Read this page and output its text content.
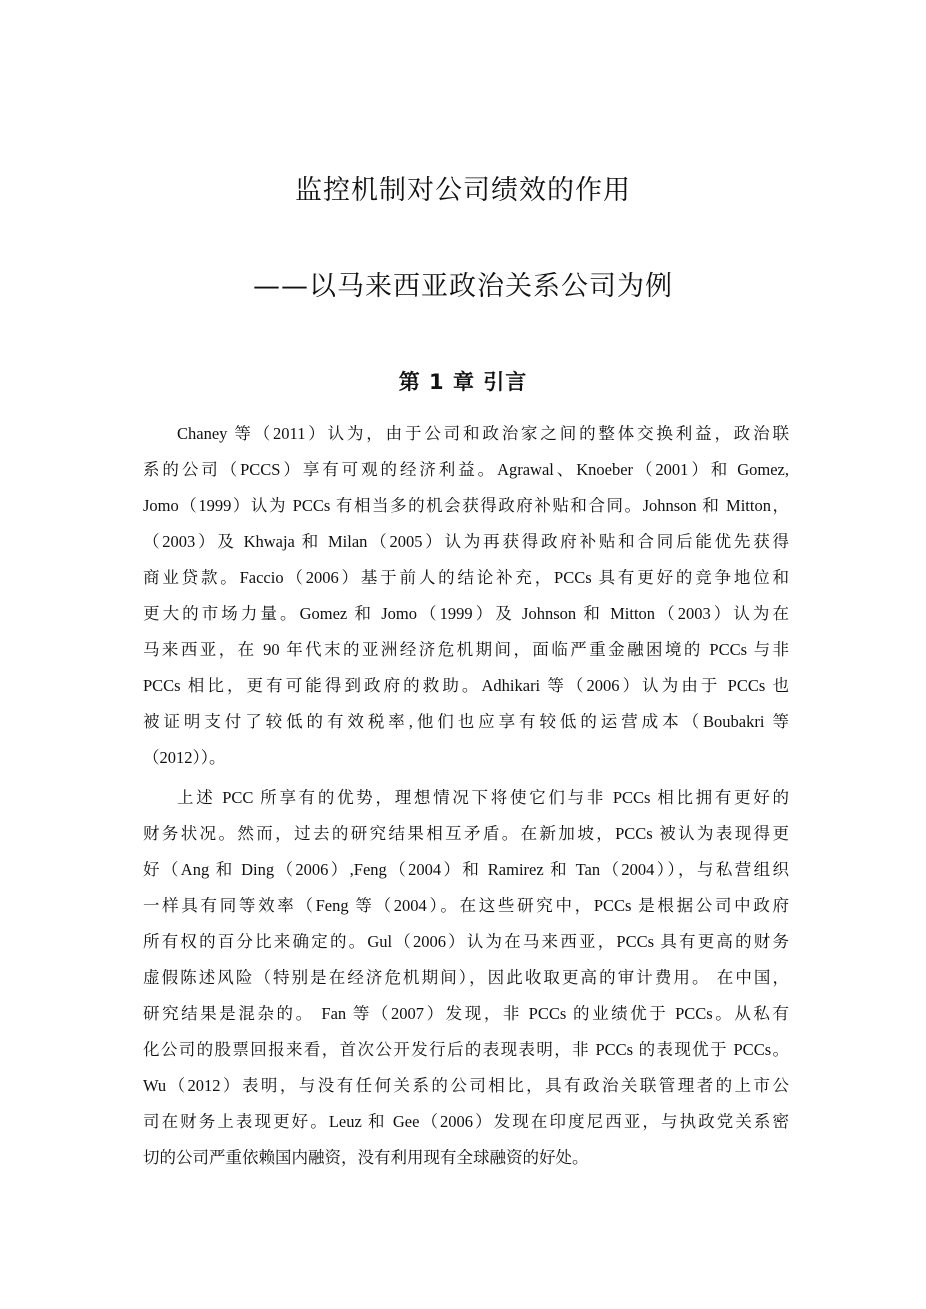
监控机制对公司绩效的作用
——以马来西亚政治关系公司为例
第 1 章 引言
Chaney 等（2011）认为，由于公司和政治家之间的整体交换利益，政治联
系的公司（PCCS）享有可观的经济利益。Agrawal、Knoeber（2001）和 Gomez,
Jomo（1999）认为 PCCs 有相当多的机会获得政府补贴和合同。Johnson 和 Mitton，
（2003）及 Khwaja 和 Milan（2005）认为再获得政府补贴和合同后能优先获得
商业贷款。Faccio（2006）基于前人的结论补充，PCCs 具有更好的竞争地位和
更大的市场力量。Gomez 和 Jomo（1999）及 Johnson 和 Mitton（2003）认为在
马来西亚，在 90 年代末的亚洲经济危机期间，面临严重金融困境的 PCCs 与非
PCCs 相比，更有可能得到政府的救助。Adhikari 等（2006）认为由于 PCCs 也
被证明支付了较低的有效税率,他们也应享有较低的运营成本（Boubakri 等
（2012））。
上述 PCC 所享有的优势，理想情况下将使它们与非 PCCs 相比拥有更好的
财务状况。然而，过去的研究结果相互矛盾。在新加坡，PCCs 被认为表现得更
好（Ang 和 Ding（2006）,Feng（2004）和 Ramirez 和 Tan（2004）），与私营组织
一样具有同等效率（Feng 等（2004）。在这些研究中，PCCs 是根据公司中政府
所有权的百分比来确定的。Gul（2006）认为在马来西亚，PCCs 具有更高的财务
虚假陈述风险（特别是在经济危机期间），因此收取更高的审计费用。 在中国，
研究结果是混杂的。 Fan 等（2007）发现，非 PCCs 的业绩优于 PCCs。从私有
化公司的股票回报来看，首次公开发行后的表现表明，非 PCCs 的表现优于 PCCs。
Wu（2012）表明，与没有任何关系的公司相比，具有政治关联管理者的上市公
司在财务上表现更好。Leuz 和 Gee（2006）发现在印度尼西亚，与执政党关系密
切的公司严重依赖国内融资，没有利用现有全球融资的好处。
